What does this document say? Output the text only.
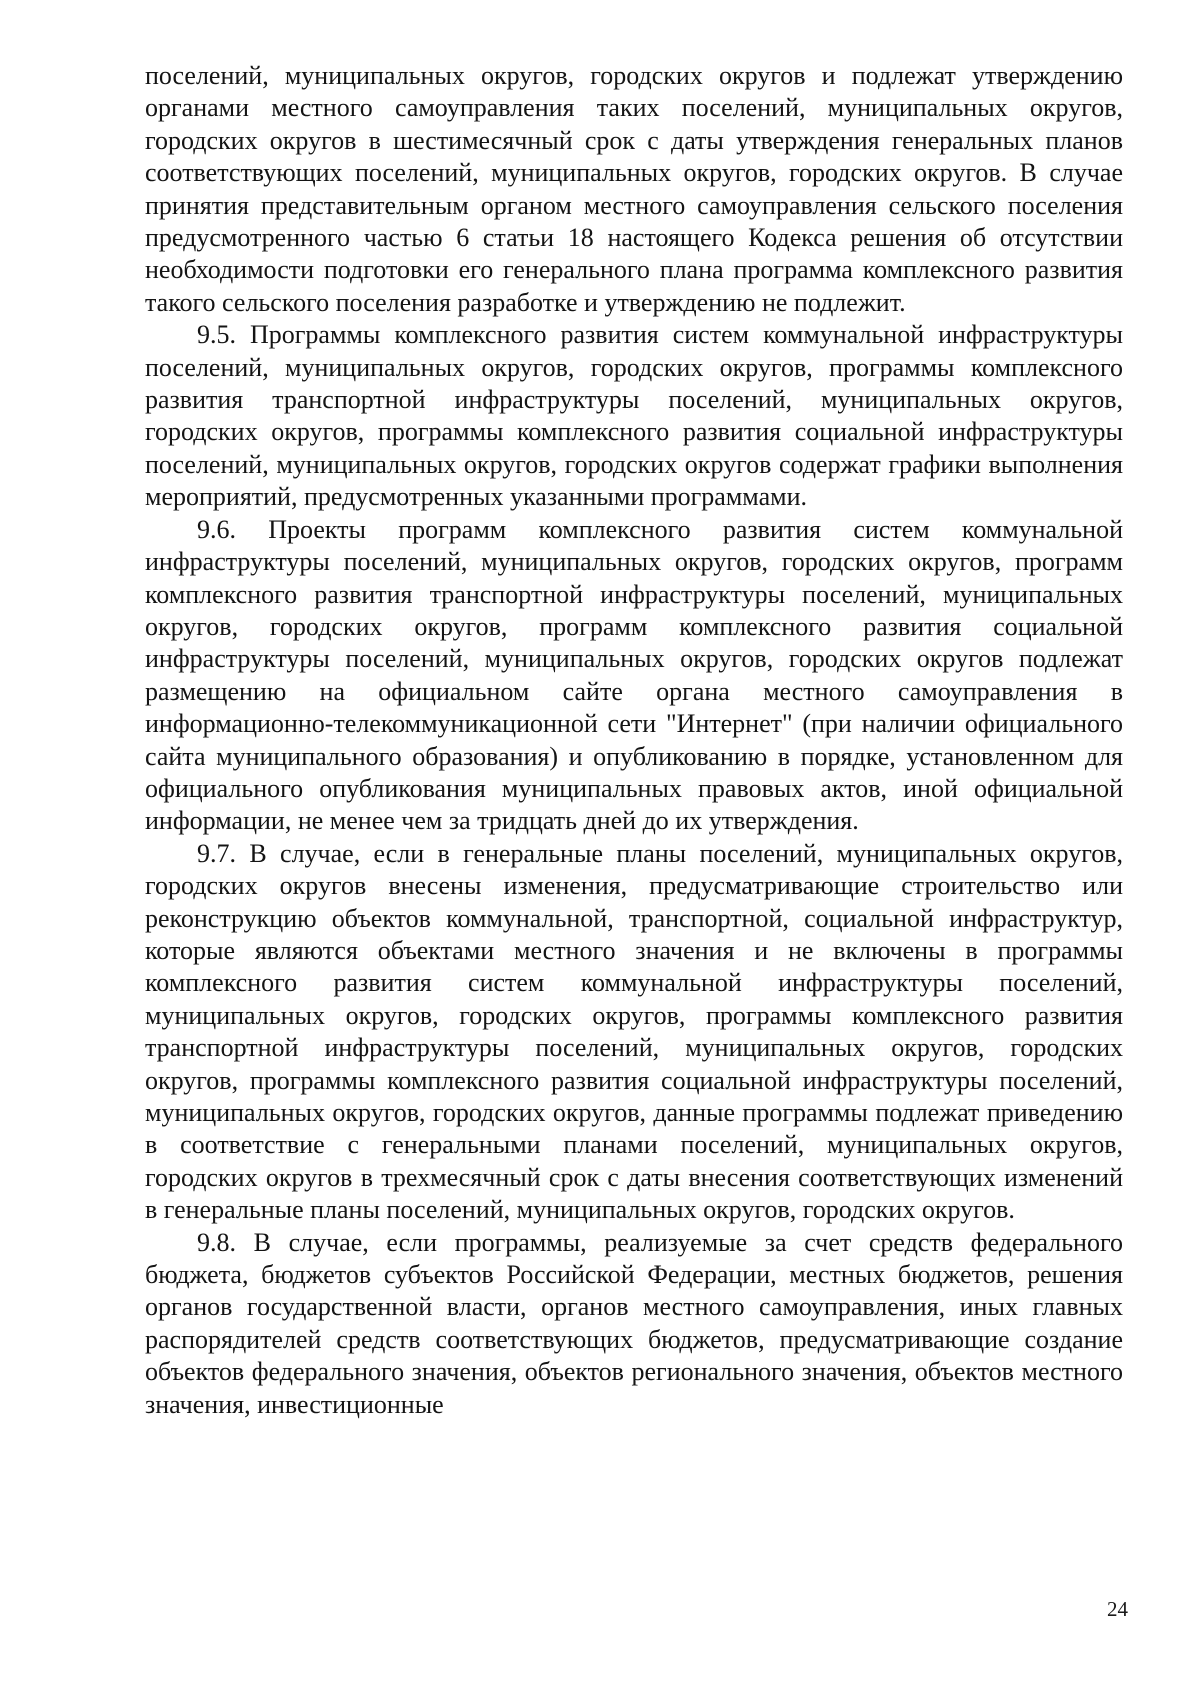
поселений, муниципальных округов, городских округов и подлежат утверждению органами местного самоуправления таких поселений, муниципальных округов, городских округов в шестимесячный срок с даты утверждения генеральных планов соответствующих поселений, муниципальных округов, городских округов. В случае принятия представительным органом местного самоуправления сельского поселения предусмотренного частью 6 статьи 18 настоящего Кодекса решения об отсутствии необходимости подготовки его генерального плана программа комплексного развития такого сельского поселения разработке и утверждению не подлежит.

9.5. Программы комплексного развития систем коммунальной инфраструктуры поселений, муниципальных округов, городских округов, программы комплексного развития транспортной инфраструктуры поселений, муниципальных округов, городских округов, программы комплексного развития социальной инфраструктуры поселений, муниципальных округов, городских округов содержат графики выполнения мероприятий, предусмотренных указанными программами.

9.6. Проекты программ комплексного развития систем коммунальной инфраструктуры поселений, муниципальных округов, городских округов, программ комплексного развития транспортной инфраструктуры поселений, муниципальных округов, городских округов, программ комплексного развития социальной инфраструктуры поселений, муниципальных округов, городских округов подлежат размещению на официальном сайте органа местного самоуправления в информационно-телекоммуникационной сети "Интернет" (при наличии официального сайта муниципального образования) и опубликованию в порядке, установленном для официального опубликования муниципальных правовых актов, иной официальной информации, не менее чем за тридцать дней до их утверждения.

9.7. В случае, если в генеральные планы поселений, муниципальных округов, городских округов внесены изменения, предусматривающие строительство или реконструкцию объектов коммунальной, транспортной, социальной инфраструктур, которые являются объектами местного значения и не включены в программы комплексного развития систем коммунальной инфраструктуры поселений, муниципальных округов, городских округов, программы комплексного развития транспортной инфраструктуры поселений, муниципальных округов, городских округов, программы комплексного развития социальной инфраструктуры поселений, муниципальных округов, городских округов, данные программы подлежат приведению в соответствие с генеральными планами поселений, муниципальных округов, городских округов в трехмесячный срок с даты внесения соответствующих изменений в генеральные планы поселений, муниципальных округов, городских округов.

9.8. В случае, если программы, реализуемые за счет средств федерального бюджета, бюджетов субъектов Российской Федерации, местных бюджетов, решения органов государственной власти, органов местного самоуправления, иных главных распорядителей средств соответствующих бюджетов, предусматривающие создание объектов федерального значения, объектов регионального значения, объектов местного значения, инвестиционные

24
